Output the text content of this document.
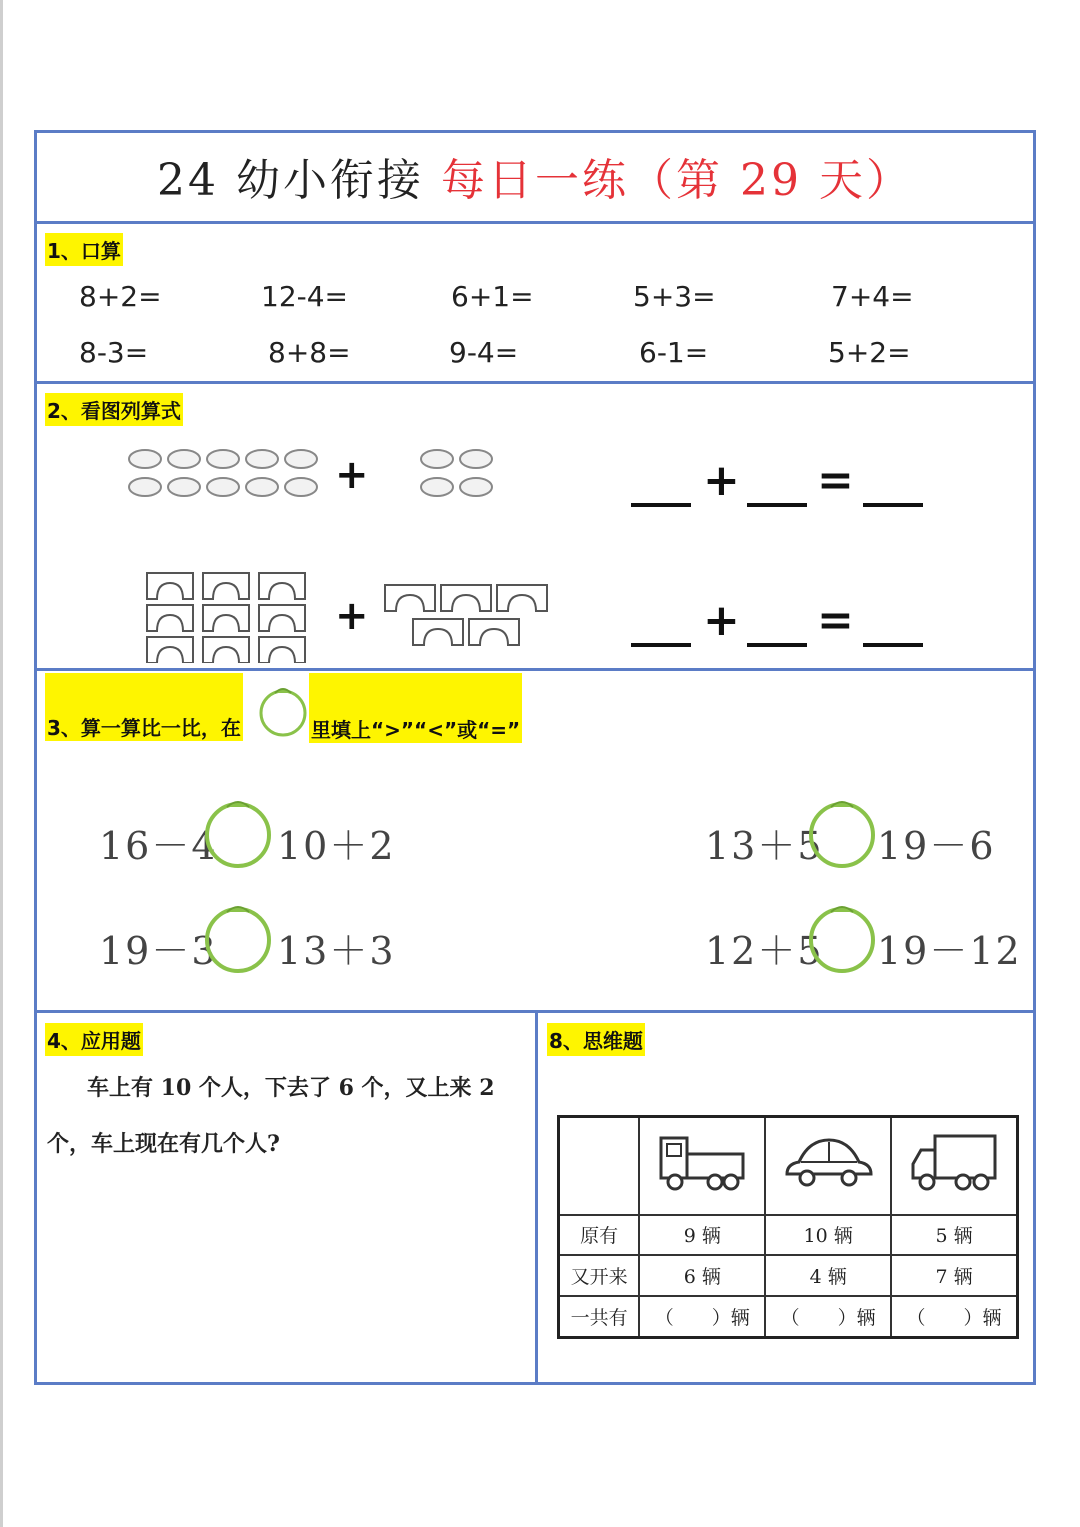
24 幼小衔接 每日一练（第 29 天）
1、口算
8+2=	12-4=	6+1=	5+3=	7+4=
8-3=	8+8=	9-4=	6-1=	5+2=
2、看图列算式
+	+ =
+	+ =
3、算一算比一比，在	里填上“>”“<”或“=”
16－4 10＋2
19－3 13＋3
13＋5 19－6
12＋5 19－12
4、应用题
车上有 10 个人，下去了 6 个，又上来 2
个，车上现在有几个人?
8、思维题

原有	9 辆	10 辆	5 辆
又开来	6 辆	4 辆	7 辆
一共有	（　　）辆	（　　）辆	（　　）辆
